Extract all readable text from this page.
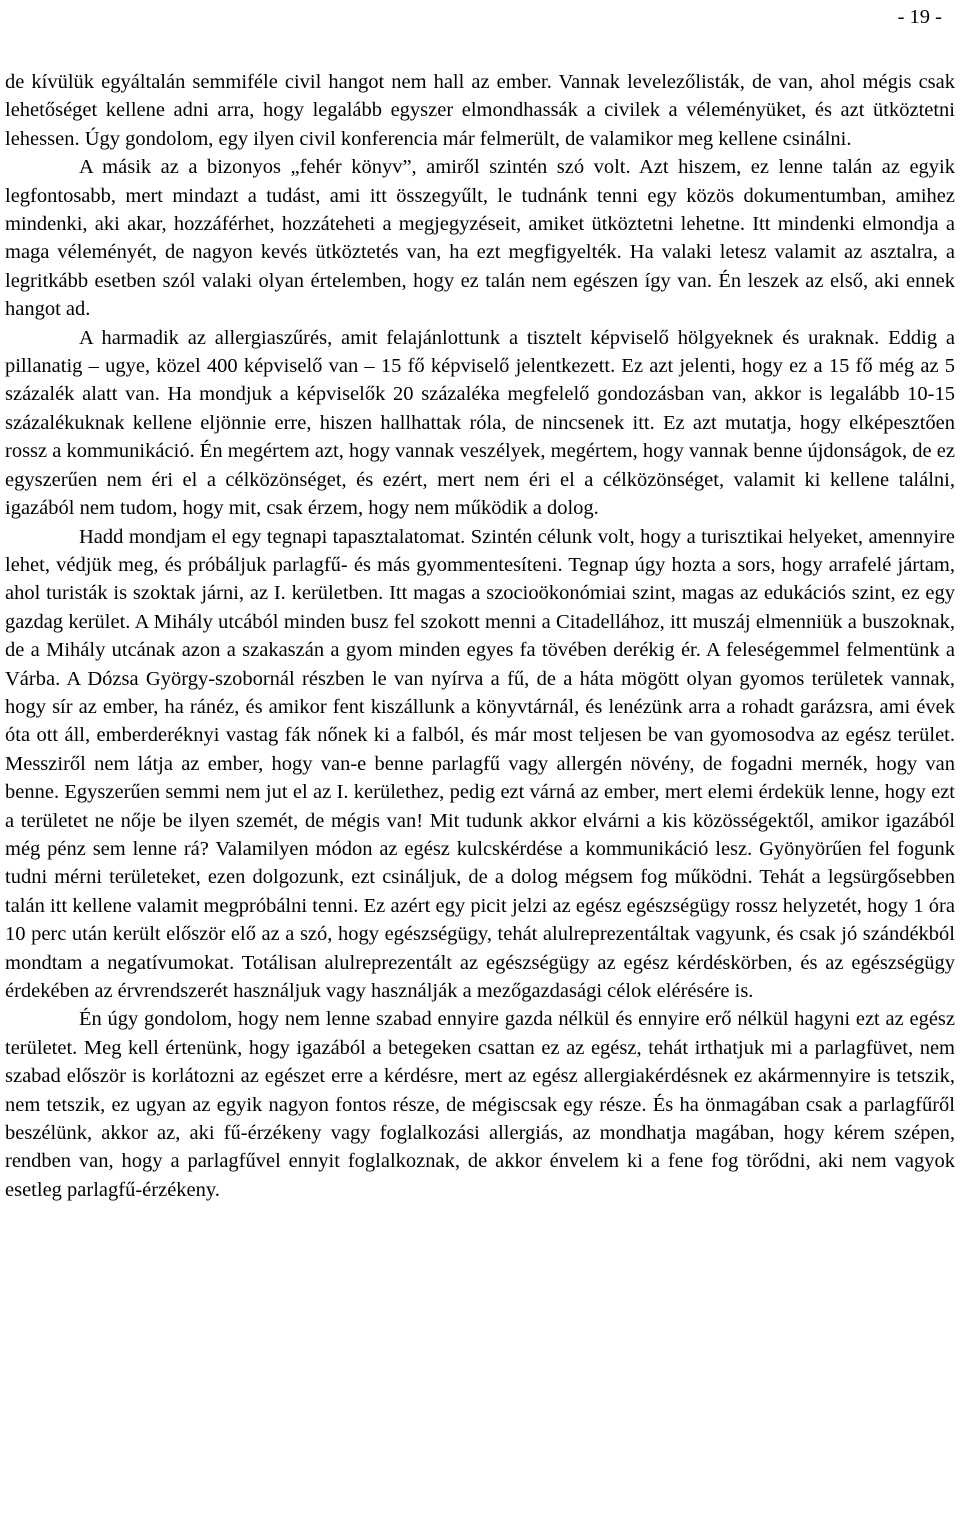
- 19 -

de kívülük egyáltalán semmiféle civil hangot nem hall az ember. Vannak levelezőlisták, de van, ahol mégis csak lehetőséget kellene adni arra, hogy legalább egyszer elmondhassák a civilek a véleményüket, és azt ütköztetni lehessen. Úgy gondolom, egy ilyen civil konferencia már felmerült, de valamikor meg kellene csinálni.

A másik az a bizonyos „fehér könyv”, amiről szintén szó volt. Azt hiszem, ez lenne talán az egyik legfontosabb, mert mindazt a tudást, ami itt összegyűlt, le tudnánk tenni egy közös dokumentumban, amihez mindenki, aki akar, hozzáférhet, hozzáteheti a megjegyzéseit, amiket ütköztetni lehetne. Itt mindenki elmondja a maga véleményét, de nagyon kevés ütköztetés van, ha ezt megfigyelték. Ha valaki letesz valamit az asztalra, a legritkább esetben szól valaki olyan értelemben, hogy ez talán nem egészen így van. Én leszek az első, aki ennek hangot ad.

A harmadik az allergiaszűrés, amit felajánlottunk a tisztelt képviselő hölgyeknek és uraknak. Eddig a pillanatig – ugye, közel 400 képviselő van – 15 fő képviselő jelentkezett. Ez azt jelenti, hogy ez a 15 fő még az 5 százalék alatt van. Ha mondjuk a képviselők 20 százaléka megfelelő gondozásban van, akkor is legalább 10-15 százalékuknak kellene eljönnie erre, hiszen hallhattak róla, de nincsenek itt. Ez azt mutatja, hogy elképesztően rossz a kommunikáció. Én megértem azt, hogy vannak veszélyek, megértem, hogy vannak benne újdonságok, de ez egyszerűen nem éri el a célközönséget, és ezért, mert nem éri el a célközönséget, valamit ki kellene találni, igazából nem tudom, hogy mit, csak érzem, hogy nem működik a dolog.

Hadd mondjam el egy tegnapi tapasztalatomat. Szintén célunk volt, hogy a turisztikai helyeket, amennyire lehet, védjük meg, és próbáljuk parlagfű- és más gyommentesíteni. Tegnap úgy hozta a sors, hogy arrafelé jártam, ahol turisták is szoktak járni, az I. kerületben. Itt magas a szocioökonómiai szint, magas az edukációs szint, ez egy gazdag kerület. A Mihály utcából minden busz fel szokott menni a Citadellához, itt muszáj elmenniük a buszoknak, de a Mihály utcának azon a szakaszán a gyom minden egyes fa tövében derékig ér. A feleségemmel felmentünk a Várba. A Dózsa György-szobornál részben le van nyírva a fű, de a háta mögött olyan gyomos területek vannak, hogy sír az ember, ha ránéz, és amikor fent kiszállunk a könyvtárnál, és lenézünk arra a rohadt garázsra, ami évek óta ott áll, emberderéknyi vastag fák nőnek ki a falból, és már most teljesen be van gyomosodva az egész terület. Messziről nem látja az ember, hogy van-e benne parlagfű vagy allergén növény, de fogadni mernék, hogy van benne. Egyszerűen semmi nem jut el az I. kerülethez, pedig ezt várná az ember, mert elemi érdekük lenne, hogy ezt a területet ne nője be ilyen szemét, de mégis van! Mit tudunk akkor elvárni a kis közösségektől, amikor igazából még pénz sem lenne rá? Valamilyen módon az egész kulcskérdése a kommunikáció lesz. Gyönyörűen fel fogunk tudni mérni területeket, ezen dolgozunk, ezt csináljuk, de a dolog mégsem fog működni. Tehát a legsürgősebben talán itt kellene valamit megpróbálni tenni. Ez azért egy picit jelzi az egész egészségügy rossz helyzetét, hogy 1 óra 10 perc után került először elő az a szó, hogy egészségügy, tehát alulreprezentáltak vagyunk, és csak jó szándékból mondtam a negatívumokat. Totálisan alulreprezentált az egészségügy az egész kérdéskörben, és az egészségügy érdekében az érvrendszerét használjuk vagy használják a mezőgazdasági célok elérésére is.

Én úgy gondolom, hogy nem lenne szabad ennyire gazda nélkül és ennyire erő nélkül hagyni ezt az egész területet. Meg kell értenünk, hogy igazából a betegeken csattan ez az egész, tehát irthatjuk mi a parlagfüvet, nem szabad először is korlátozni az egészet erre a kérdésre, mert az egész allergiakérdésnek ez akármennyire is tetszik, nem tetszik, ez ugyan az egyik nagyon fontos része, de mégiscsak egy része. És ha önmagában csak a parlagfűről beszélünk, akkor az, aki fű-érzékeny vagy foglalkozási allergiás, az mondhatja magában, hogy kérem szépen, rendben van, hogy a parlagfűvel ennyit foglalkoznak, de akkor énvelem ki a fene fog törődni, aki nem vagyok esetleg parlagfű-érzékeny.
